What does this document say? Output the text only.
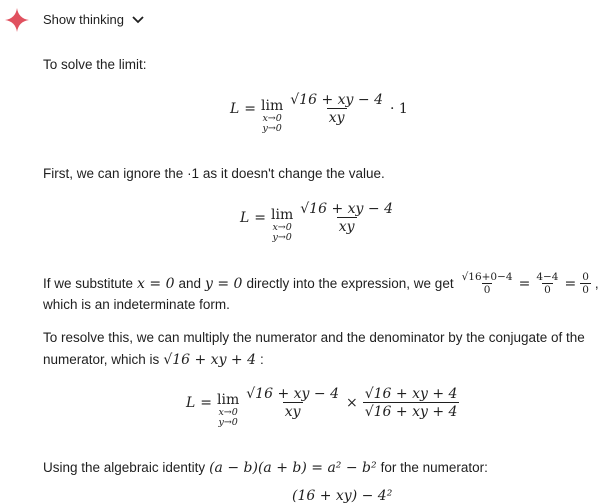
Show thinking
To solve the limit:
L = lim
x→0
y→0
$\frac{√16 + xy - 4}{xy} \cdot 1$
First, we can ignore the ·1 as it doesn't change the value.
L = lim
x→0
y→0
$\frac{√16 + xy - 4}{xy}$
If we substitute x = 0 and y = 0 directly into the expression, we get $\frac{√16+0-4}{0} = \frac{4-4}{0} = \frac{0}{0}$ ,
which is an indeterminate form.
To resolve this, we can multiply the numerator and the denominator by the conjugate of the
numerator, which is √16 + xy + 4 :
L = lim
x→0
y→0
$\frac{√16 + xy - 4}{xy} \times \frac{√16 + xy + 4}{√16 + xy + 4}$
Using the algebraic identity (a − b)(a + b) = a² − b² for the numerator:
(16 + xy) − 4²
